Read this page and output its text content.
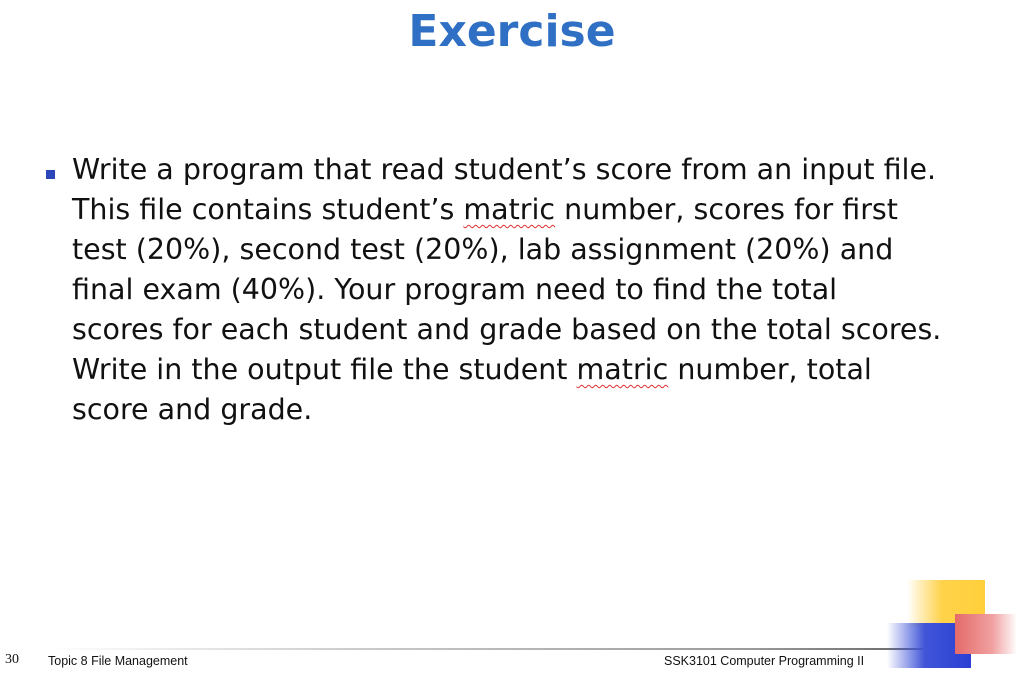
Exercise
Write a program that read student’s score from an input file.
This file contains student’s matric number, scores for first
test (20%), second test (20%), lab assignment (20%) and
final exam (40%). Your program need to find the total
scores for each student and grade based on the total scores.
Write in the output file the student matric number, total
score and grade.
30 Topic 8 File Management	SSK3101 Computer Programming II
